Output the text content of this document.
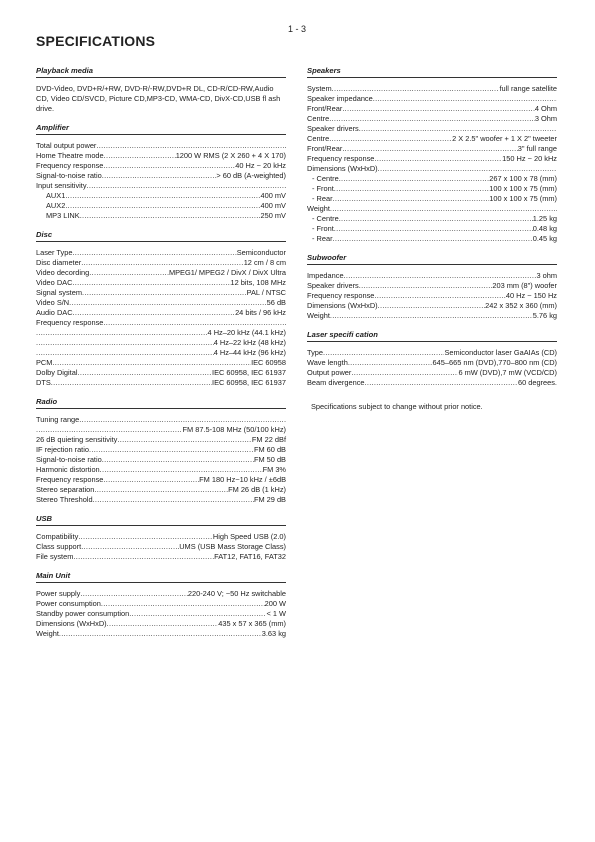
1 - 3
SPECIFICATIONS
Playback media
DVD-Video, DVD+R/+RW, DVD-R/-RW,DVD+R DL, CD-R/CD-RW,Audio CD, Video CD/SVCD, Picture CD,MP3-CD, WMA-CD, DivX-CD,USB fl ash drive.
Amplifier
Total output power
.....
Home Theatre mode .....	1200 W RMS (2 X 260 + 4 X 170)
Frequency response .....	40 Hz ~ 20 kHz
Signal-to-noise ratio .....	> 60 dB (A-weighted)
Input sensitivity
.....
AUX1 .....	400 mV
AUX2 .....	400 mV
MP3 LINK .....	250 mV
Disc
Laser Type .....	Semiconductor
Disc diameter .....	12 cm / 8 cm
Video decording .....	MPEG1/ MPEG2 / DivX / DivX Ultra
Video DAC .....	12 bits, 108 MHz
Signal system .....	PAL / NTSC
Video S/N .....	56 dB
Audio DAC .....	24 bits / 96 kHz
Frequency response
.....
.....
4 Hz–20 kHz (44.1 kHz)
.....
4 Hz–22 kHz (48 kHz)
.....
4 Hz–44 kHz (96 kHz)
PCM .....	IEC 60958
Dolby Digital .....	IEC 60958, IEC 61937
DTS .....	IEC 60958, IEC 61937
Radio
Tuning range
.....
.....
FM 87.5-108 MHz (50/100 kHz)
26 dB quieting sensitivity .....	FM 22 dBf
IF rejection ratio .....	FM 60 dB
Signal-to-noise ratio .....	FM 50 dB
Harmonic distortion .....	FM 3%
Frequency response .....	FM 180 Hz~10 kHz / ±6dB
Stereo separation .....	FM 26 dB (1 kHz)
Stereo Threshold .....	FM 29 dB
USB
Compatibility .....	High Speed USB (2.0)
Class support .....	UMS (USB Mass Storage Class)
File system .....	FAT12, FAT16, FAT32
Main Unit
Power supply .....	220-240 V; ~50 Hz switchable
Power consumption .....	200 W
Standby power consumption .....	< 1 W
Dimensions (WxHxD) .....	435 x 57 x 365 (mm)
Weight .....	3.63 kg
Speakers
System .....	full range satellite
Speaker impedance
.....
Front/Rear .....	4 Ohm
Centre .....	3 Ohm
Speaker drivers
.....
Centre .....	2 X 2.5" woofer + 1 X 2" tweeter
Front/Rear .....	3" full range
Frequency response .....	150 Hz ~ 20 kHz
Dimensions (WxHxD)
.....
- Centre .....	267 x 100 x 78 (mm)
- Front .....	100 x 100 x 75 (mm)
- Rear .....	100 x 100 x 75 (mm)
Weight
.....
- Centre .....	1.25 kg
- Front .....	0.48 kg
- Rear .....	0.45 kg
Subwoofer
Impedance .....	3 ohm
Speaker drivers .....	203 mm (8") woofer
Frequency response .....	40 Hz ~ 150 Hz
Dimensions (WxHxD) .....	242 x 352 x 360 (mm)
Weight .....	5.76 kg
Laser specifi cation
Type .....	Semiconductor laser GaAIAs (CD)
Wave length .....	645–665 nm (DVD),770–800 nm (CD)
Output power .....	6 mW (DVD),7 mW (VCD/CD)
Beam divergence .....	60 degrees.
Specifications subject to change without prior notice.
